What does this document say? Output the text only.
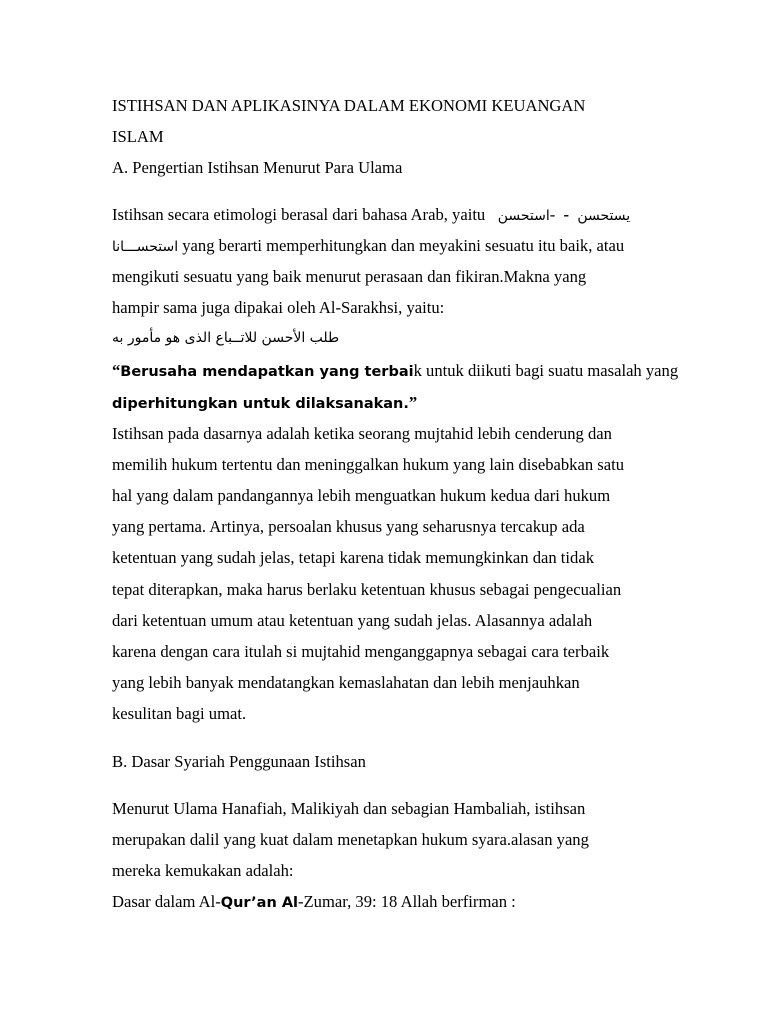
ISTIHSAN DAN APLIKASINYA DALAM EKONOMI KEUANGAN
ISLAM
A. Pengertian Istihsan Menurut Para Ulama
Istihsan secara etimologi berasal dari bahasa Arab, yaitu استحسن- - يستحسن
استحســـانا yang berarti memperhitungkan dan meyakini sesuatu itu baik, atau
mengikuti sesuatu yang baik menurut perasaan dan fikiran.Makna yang
hampir sama juga dipakai oleh Al-Sarakhsi, yaitu:
طلب الأحسن للاتــباع الذى هو مأمور به
“Berusaha mendapatkan yang terbaik untuk diikuti bagi suatu masalah yang
diperhitungkan untuk dilaksanakan.”
Istihsan pada dasarnya adalah ketika seorang mujtahid lebih cenderung dan
memilih hukum tertentu dan meninggalkan hukum yang lain disebabkan satu
hal yang dalam pandangannya lebih menguatkan hukum kedua dari hukum
yang pertama. Artinya, persoalan khusus yang seharusnya tercakup ada
ketentuan yang sudah jelas, tetapi karena tidak memungkinkan dan tidak
tepat diterapkan, maka harus berlaku ketentuan khusus sebagai pengecualian
dari ketentuan umum atau ketentuan yang sudah jelas. Alasannya adalah
karena dengan cara itulah si mujtahid menganggapnya sebagai cara terbaik
yang lebih banyak mendatangkan kemaslahatan dan lebih menjauhkan
kesulitan bagi umat.
B. Dasar Syariah Penggunaan Istihsan
Menurut Ulama Hanafiah, Malikiyah dan sebagian Hambaliah, istihsan
merupakan dalil yang kuat dalam menetapkan hukum syara.alasan yang
mereka kemukakan adalah:
Dasar dalam Al-Qur’an Al-Zumar, 39: 18 Allah berfirman :
